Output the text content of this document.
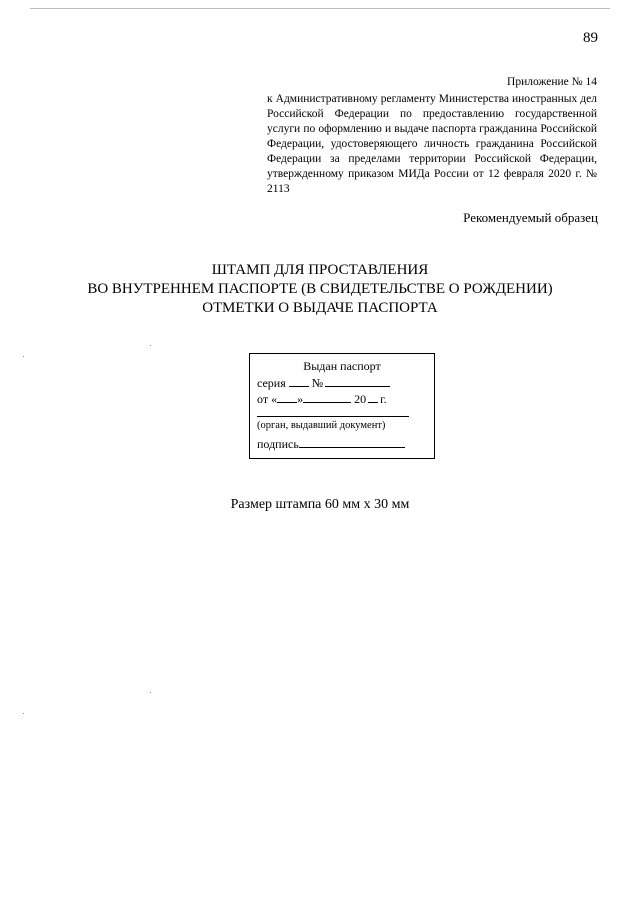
89

Приложение № 14

к Административному регламенту Министерства иностранных дел Российской Федерации по предоставлению государственной услуги по оформлению и выдаче паспорта гражданина Российской Федерации, удостоверяющего личность гражданина Российской Федерации за пределами территории Российской Федерации, утвержденному приказом МИДа России от 12 февраля 2020 г. № 2113

Рекомендуемый образец
ШТАМП ДЛЯ ПРОСТАВЛЕНИЯ
ВО ВНУТРЕННЕМ ПАСПОРТЕ (В СВИДЕТЕЛЬСТВЕ О РОЖДЕНИИ)
ОТМЕТКИ О ВЫДАЧЕ ПАСПОРТА
Выдан паспорт
серия №
от « »	20 г.
(орган, выдавший документ)
подпись
Размер штампа 60 мм х 30 мм
